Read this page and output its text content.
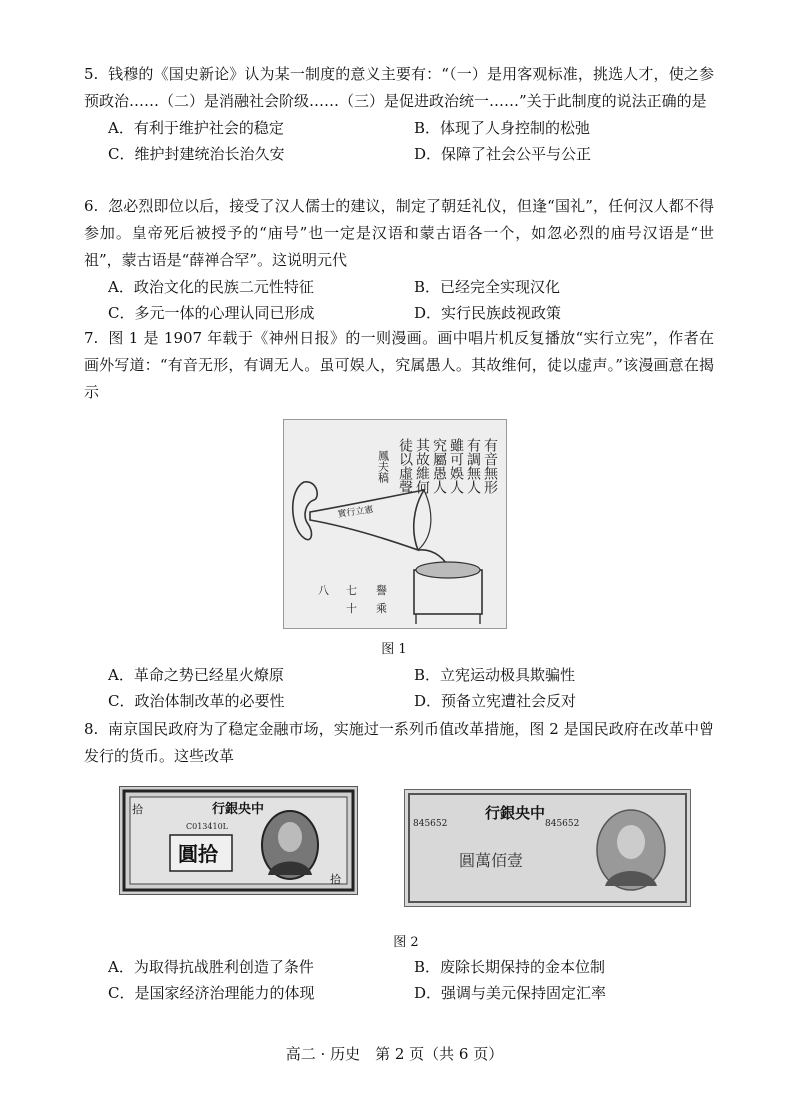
5. 钱穆的《国史新论》认为某一制度的意义主要有：“（一）是用客观标准，挑选人才，使之参预政治……（二）是消融社会阶级……（三）是促进政治统一……”关于此制度的说法正确的是

A．有利于维护社会的稳定	B．体现了人身控制的松弛
C．维护封建统治长治久安	D．保障了社会公平与公正

6. 忽必烈即位以后，接受了汉人儒士的建议，制定了朝廷礼仪，但逢“国礼”，任何汉人都不得参加。皇帝死后被授予的“庙号”也一定是汉语和蒙古语各一个，如忽必烈的庙号汉语是“世祖”，蒙古语是“薛禅合罕”。这说明元代

A．政治文化的民族二元性特征	B．已经完全实现汉化
C．多元一体的心理认同已形成	D．实行民族歧视政策

7. 图 1 是 1907 年载于《神州日报》的一则漫画。画中唱片机反复播放“实行立宪”，作者在画外写道：“有音无形，有调无人。虽可娱人，究属愚人。其故维何，徒以虚声。”该漫画意在揭示

有音無形
有調無人
雖可娛人
究屬愚人
其故維何
徒以虛聲
鳳夫稿
實行立憲
八 七 譽
十 乘
图 1
A．革命之势已经星火燎原	B．立宪运动极具欺骗性
C．政治体制改革的必要性	D．预备立宪遭社会反对

8. 南京国民政府为了稳定金融市场，实施过一系列币值改革措施，图 2 是国民政府在改革中曾发行的货币。这些改革

行銀央中
C013410L
圓拾
拾
拾
行銀央中
845652	845652
圓萬佰壹
图 2
A．为取得抗战胜利创造了条件	B．废除长期保持的金本位制
C．是国家经济治理能力的体现	D．强调与美元保持固定汇率
高二 · 历史　第 2 页（共 6 页）
